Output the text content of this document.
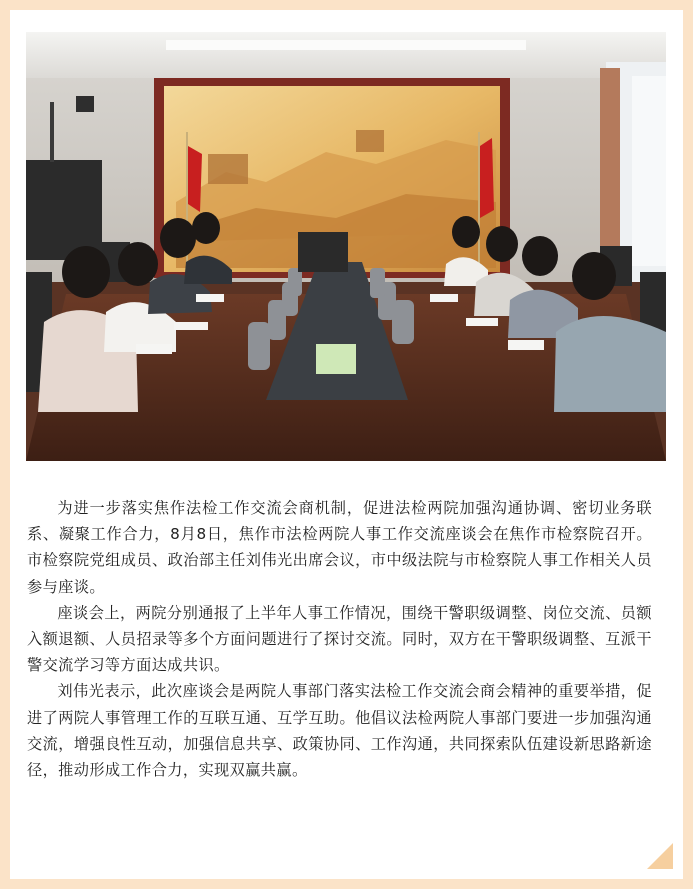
为进一步落实焦作法检工作交流会商机制，促进法检两院加强沟通协调、密切业务联系、凝聚工作合力，8月8日，焦作市法检两院人事工作交流座谈会在焦作市检察院召开。市检察院党组成员、政治部主任刘伟光出席会议，市中级法院与市检察院人事工作相关人员参与座谈。

座谈会上，两院分别通报了上半年人事工作情况，围绕干警职级调整、岗位交流、员额入额退额、人员招录等多个方面问题进行了探讨交流。同时，双方在干警职级调整、互派干警交流学习等方面达成共识。

刘伟光表示，此次座谈会是两院人事部门落实法检工作交流会商会精神的重要举措，促进了两院人事管理工作的互联互通、互学互助。他倡议法检两院人事部门要进一步加强沟通交流，增强良性互动，加强信息共享、政策协同、工作沟通，共同探索队伍建设新思路新途径，推动形成工作合力，实现双赢共赢。
